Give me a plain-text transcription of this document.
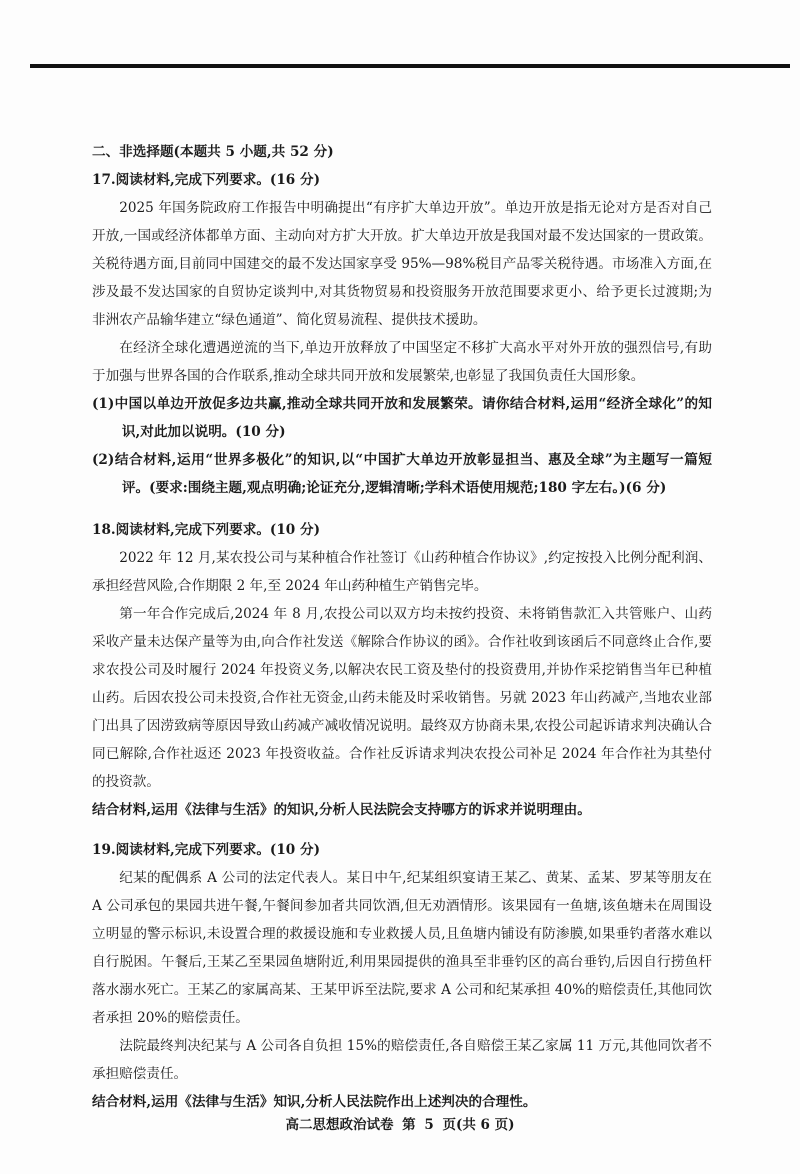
二、非选择题(本题共 5 小题,共 52 分)

17.阅读材料,完成下列要求。(16 分)

2025 年国务院政府工作报告中明确提出“有序扩大单边开放”。单边开放是指无论对方是否对自己开放,一国或经济体都单方面、主动向对方扩大开放。扩大单边开放是我国对最不发达国家的一贯政策。关税待遇方面,目前同中国建交的最不发达国家享受 95%—98%税目产品零关税待遇。市场准入方面,在涉及最不发达国家的自贸协定谈判中,对其货物贸易和投资服务开放范围要求更小、给予更长过渡期;为非洲农产品输华建立“绿色通道”、简化贸易流程、提供技术援助。

在经济全球化遭遇逆流的当下,单边开放释放了中国坚定不移扩大高水平对外开放的强烈信号,有助于加强与世界各国的合作联系,推动全球共同开放和发展繁荣,也彰显了我国负责任大国形象。

(1)中国以单边开放促多边共赢,推动全球共同开放和发展繁荣。请你结合材料,运用“经济全球化”的知识,对此加以说明。(10 分)

(2)结合材料,运用“世界多极化”的知识,以“中国扩大单边开放彰显担当、惠及全球”为主题写一篇短评。(要求:围绕主题,观点明确;论证充分,逻辑清晰;学科术语使用规范;180 字左右。)(6 分)

18.阅读材料,完成下列要求。(10 分)

2022 年 12 月,某农投公司与某种植合作社签订《山药种植合作协议》,约定按投入比例分配利润、承担经营风险,合作期限 2 年,至 2024 年山药种植生产销售完毕。

第一年合作完成后,2024 年 8 月,农投公司以双方均未按约投资、未将销售款汇入共管账户、山药采收产量未达保产量等为由,向合作社发送《解除合作协议的函》。合作社收到该函后不同意终止合作,要求农投公司及时履行 2024 年投资义务,以解决农民工资及垫付的投资费用,并协作采挖销售当年已种植山药。后因农投公司未投资,合作社无资金,山药未能及时采收销售。另就 2023 年山药减产,当地农业部门出具了因涝致病等原因导致山药减产减收情况说明。最终双方协商未果,农投公司起诉请求判决确认合同已解除,合作社返还 2023 年投资收益。合作社反诉请求判决农投公司补足 2024 年合作社为其垫付的投资款。

结合材料,运用《法律与生活》的知识,分析人民法院会支持哪方的诉求并说明理由。

19.阅读材料,完成下列要求。(10 分)

纪某的配偶系 A 公司的法定代表人。某日中午,纪某组织宴请王某乙、黄某、孟某、罗某等朋友在 A 公司承包的果园共进午餐,午餐间参加者共同饮酒,但无劝酒情形。该果园有一鱼塘,该鱼塘未在周围设立明显的警示标识,未设置合理的救援设施和专业救援人员,且鱼塘内铺设有防渗膜,如果垂钓者落水难以自行脱困。午餐后,王某乙至果园鱼塘附近,利用果园提供的渔具至非垂钓区的高台垂钓,后因自行捞鱼杆落水溺水死亡。王某乙的家属高某、王某甲诉至法院,要求 A 公司和纪某承担 40%的赔偿责任,其他同饮者承担 20%的赔偿责任。

法院最终判决纪某与 A 公司各自负担 15%的赔偿责任,各自赔偿王某乙家属 11 万元,其他同饮者不承担赔偿责任。

结合材料,运用《法律与生活》知识,分析人民法院作出上述判决的合理性。

高二思想政治试卷 第 5 页(共 6 页)
